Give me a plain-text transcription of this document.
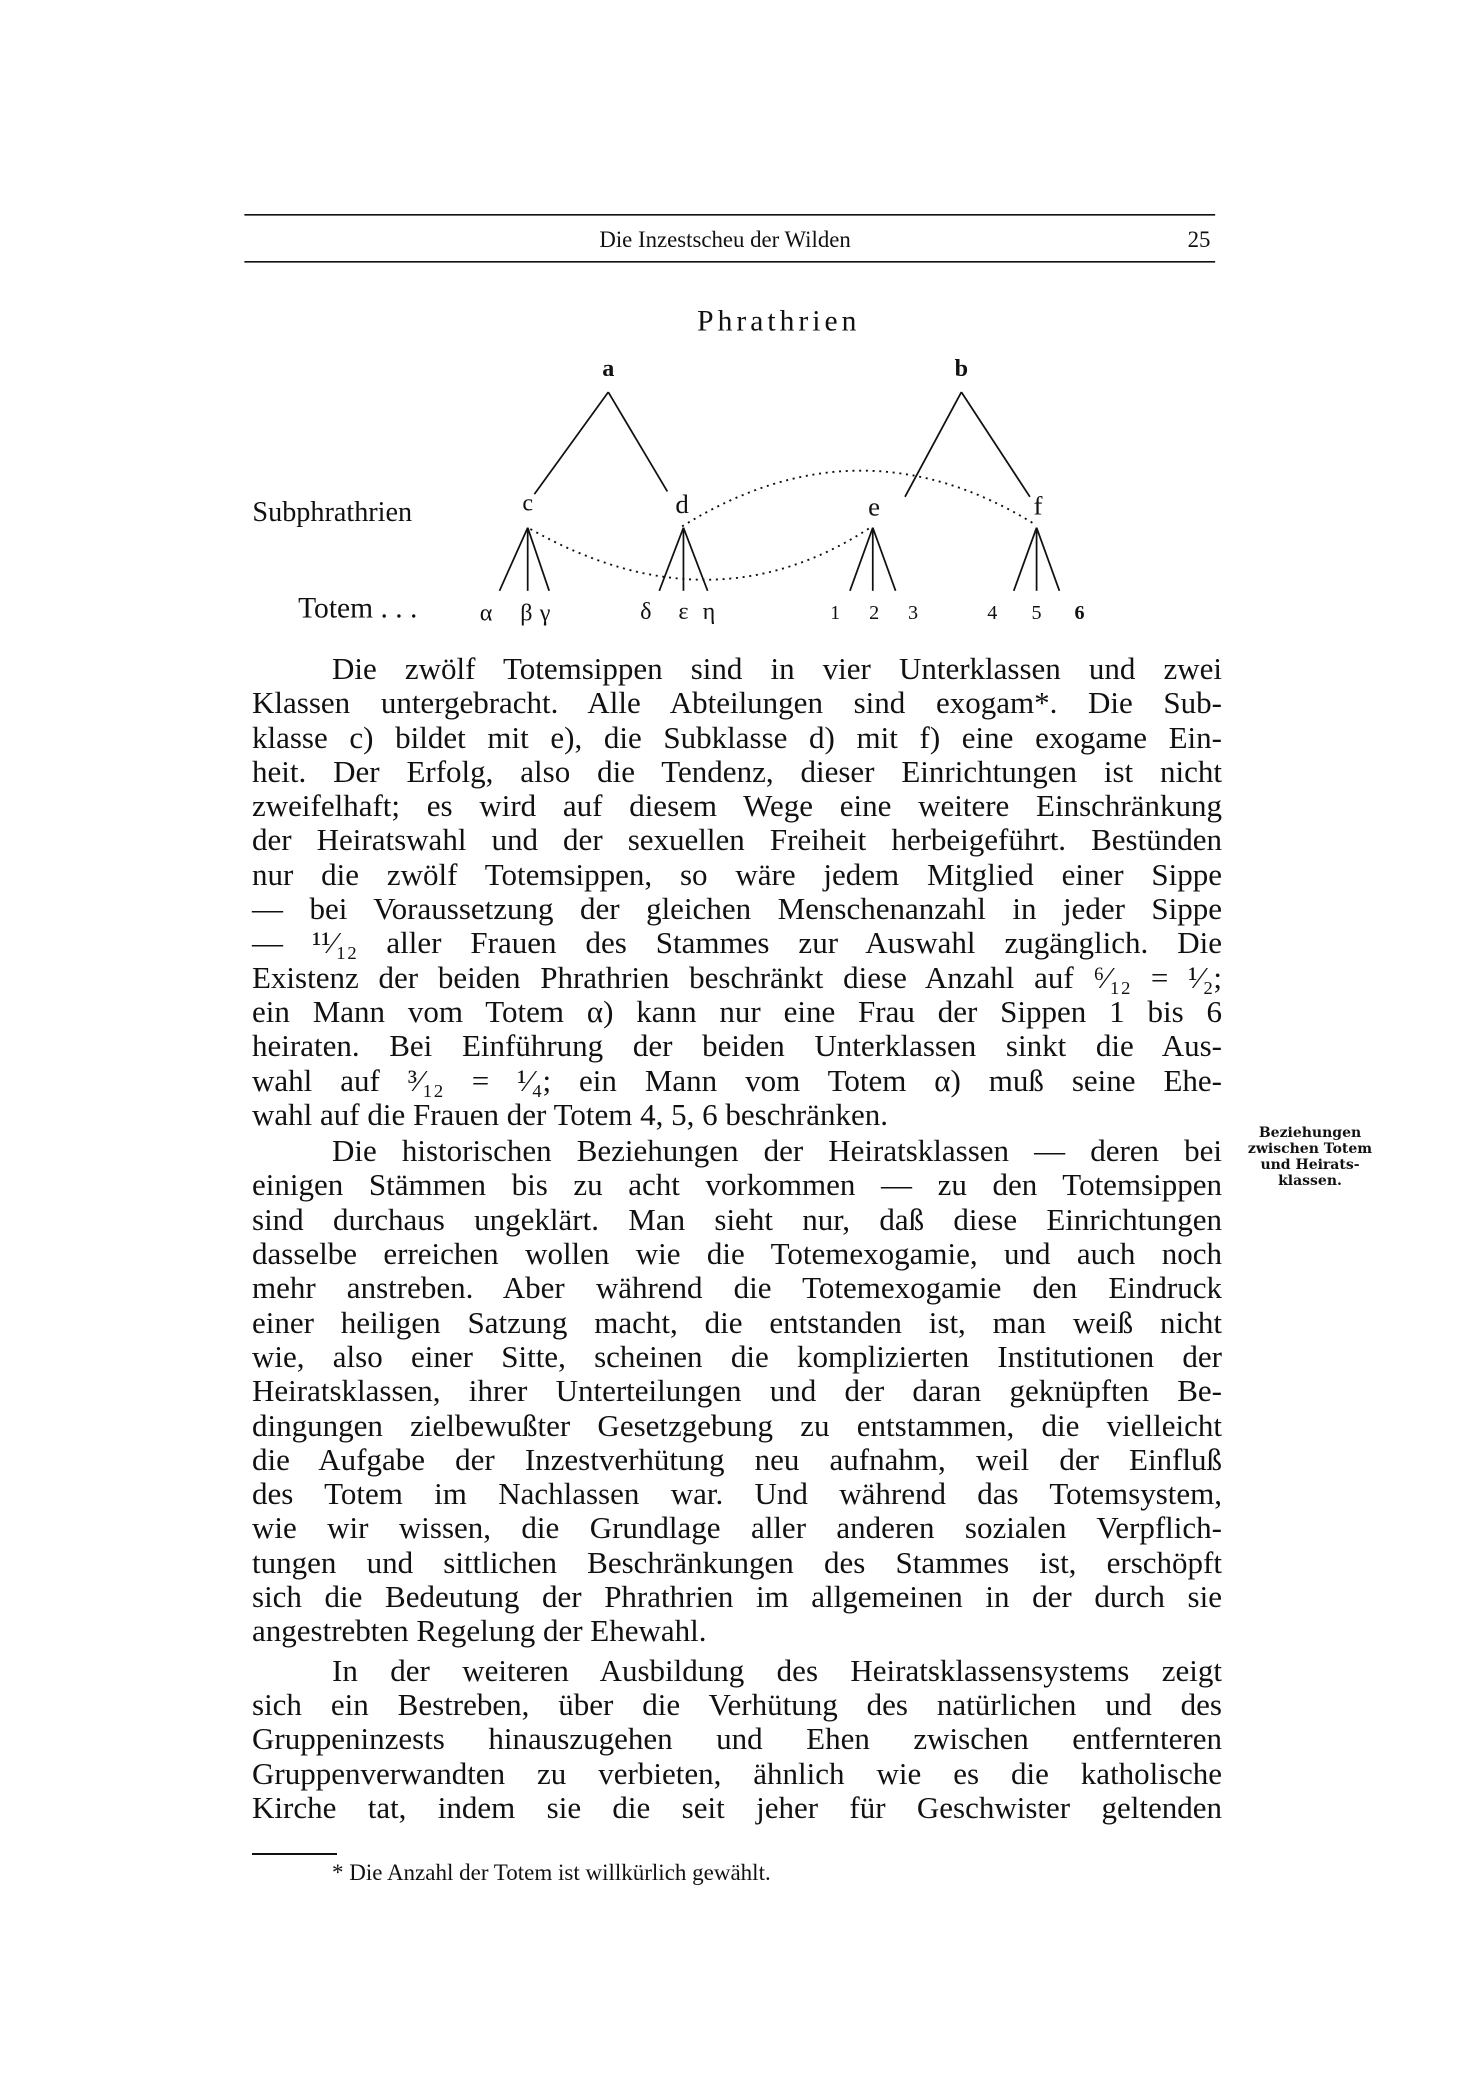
Die Inzestscheu der Wilden	25
Phrathrien
a	b
Subphrathrien	c	d	e	f
Totem . . .	α β γ	δ ε η	1 2 3	4 5 6
Die zwölf Totemsippen sind in vier Unterklassen und zwei
Klassen untergebracht. Alle Abteilungen sind exogam*. Die Sub-
klasse c) bildet mit e), die Subklasse d) mit f) eine exogame Ein-
heit. Der Erfolg, also die Tendenz, dieser Einrichtungen ist nicht
zweifelhaft; es wird auf diesem Wege eine weitere Einschränkung
der Heiratswahl und der sexuellen Freiheit herbeigeführt. Bestünden
nur die zwölf Totemsippen, so wäre jedem Mitglied einer Sippe
— bei Voraussetzung der gleichen Menschenanzahl in jeder Sippe
— ¹¹⁄₁₂ aller Frauen des Stammes zur Auswahl zugänglich. Die
Existenz der beiden Phrathrien beschränkt diese Anzahl auf ⁶⁄₁₂ = ¹⁄₂;
ein Mann vom Totem α) kann nur eine Frau der Sippen 1 bis 6
heiraten. Bei Einführung der beiden Unterklassen sinkt die Aus-
wahl auf ³⁄₁₂ = ¹⁄₄; ein Mann vom Totem α) muß seine Ehe-
wahl auf die Frauen der Totem 4, 5, 6 beschränken.
Die historischen Beziehungen der Heiratsklassen — deren bei
einigen Stämmen bis zu acht vorkommen — zu den Totemsippen
sind durchaus ungeklärt. Man sieht nur, daß diese Einrichtungen
dasselbe erreichen wollen wie die Totemexogamie, und auch noch
mehr anstreben. Aber während die Totemexogamie den Eindruck
einer heiligen Satzung macht, die entstanden ist, man weiß nicht
wie, also einer Sitte, scheinen die komplizierten Institutionen der
Heiratsklassen, ihrer Unterteilungen und der daran geknüpften Be-
dingungen zielbewußter Gesetzgebung zu entstammen, die vielleicht
die Aufgabe der Inzestverhütung neu aufnahm, weil der Einfluß
des Totem im Nachlassen war. Und während das Totemsystem,
wie wir wissen, die Grundlage aller anderen sozialen Verpflich-
tungen und sittlichen Beschränkungen des Stammes ist, erschöpft
sich die Bedeutung der Phrathrien im allgemeinen in der durch sie
angestrebten Regelung der Ehewahl.
In der weiteren Ausbildung des Heiratsklassensystems zeigt
sich ein Bestreben, über die Verhütung des natürlichen und des
Gruppeninzests hinauszugehen und Ehen zwischen entfernteren
Gruppenverwandten zu verbieten, ähnlich wie es die katholische
Kirche tat, indem sie die seit jeher für Geschwister geltenden
Beziehungen
zwischen Totem
und Heirats-
klassen.
* Die Anzahl der Totem ist willkürlich gewählt.
